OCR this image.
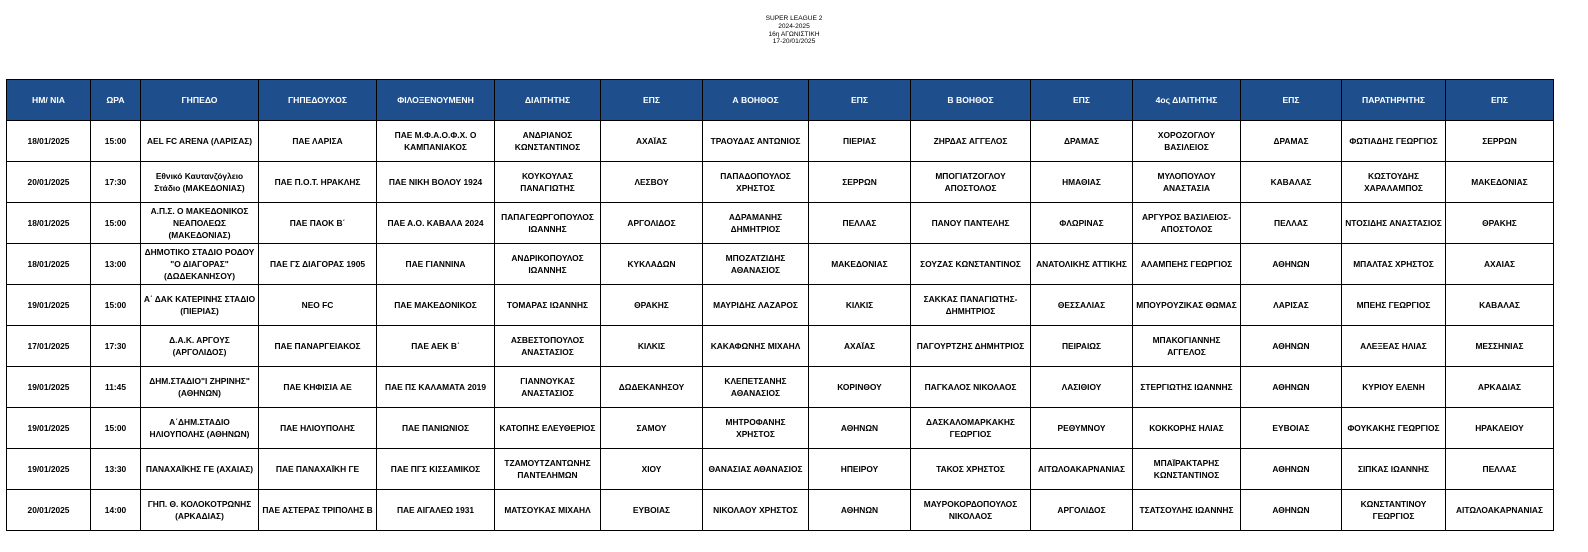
SUPER LEAGUE 2
2024-2025
16η ΑΓΩΝΙΣΤΙΚΗ
17-20/01/2025
ΗΜ/ ΝΙΑ	ΩΡΑ	ΓΗΠΕΔΟ	ΓΗΠΕΔΟΥΧΟΣ	ΦΙΛΟΞΕΝΟΥΜΕΝΗ	ΔΙΑΙΤΗΤΗΣ	ΕΠΣ	Α ΒΟΗΘΟΣ	ΕΠΣ	Β ΒΟΗΘΟΣ	ΕΠΣ	4ος ΔΙΑΙΤΗΤΗΣ	ΕΠΣ	ΠΑΡΑΤΗΡΗΤΗΣ	ΕΠΣ
18/01/2025	15:00	AEL FC ARENA (ΛΑΡΙΣΑΣ)	ΠΑΕ ΛΑΡΙΣΑ	ΠΑΕ Μ.Φ.Α.Ο.Φ.Χ. Ο ΚΑΜΠΑΝΙΑΚΟΣ	ΑΝΔΡΙΑΝΟΣ ΚΩΝΣΤΑΝΤΙΝΟΣ	ΑΧΑΪΑΣ	ΤΡΑΟΥΔΑΣ ΑΝΤΩΝΙΟΣ	ΠΙΕΡΙΑΣ	ΖΗΡΔΑΣ ΑΓΓΕΛΟΣ	ΔΡΑΜΑΣ	ΧΟΡΟΖΟΓΛΟΥ ΒΑΣΙΛΕΙΟΣ	ΔΡΑΜΑΣ	ΦΩΤΙΑΔΗΣ ΓΕΩΡΓΙΟΣ	ΣΕΡΡΩΝ
20/01/2025	17:30	Εθνικό Καυτανζόγλειο Στάδιο (ΜΑΚΕΔΟΝΙΑΣ)	ΠΑΕ Π.Ο.Τ. ΗΡΑΚΛΗΣ	ΠΑΕ ΝΙΚΗ ΒΟΛΟΥ 1924	ΚΟΥΚΟΥΛΑΣ ΠΑΝΑΓΙΩΤΗΣ	ΛΕΣΒΟΥ	ΠΑΠΑΔΟΠΟΥΛΟΣ ΧΡΗΣΤΟΣ	ΣΕΡΡΩΝ	ΜΠΟΓΙΑΤΖΟΓΛΟΥ ΑΠΟΣΤΟΛΟΣ	ΗΜΑΘΙΑΣ	ΜΥΛΟΠΟΥΛΟΥ ΑΝΑΣΤΑΣΙΑ	ΚΑΒΑΛΑΣ	ΚΩΣΤΟΥΔΗΣ ΧΑΡΑΛΑΜΠΟΣ	ΜΑΚΕΔΟΝΙΑΣ
18/01/2025	15:00	Α.Π.Σ. Ο ΜΑΚΕΔΟΝΙΚΟΣ ΝΕΑΠΟΛΕΩΣ (ΜΑΚΕΔΟΝΙΑΣ)	ΠΑΕ ΠΑΟΚ Β΄	ΠΑΕ Α.Ο. ΚΑΒΑΛΑ 2024	ΠΑΠΑΓΕΩΡΓΟΠΟΥΛΟΣ ΙΩΑΝΝΗΣ	ΑΡΓΟΛΙΔΟΣ	ΑΔΡΑΜΑΝΗΣ ΔΗΜΗΤΡΙΟΣ	ΠΕΛΛΑΣ	ΠΑΝΟΥ ΠΑΝΤΕΛΗΣ	ΦΛΩΡΙΝΑΣ	ΑΡΓΥΡΟΣ ΒΑΣΙΛΕΙΟΣ-ΑΠΟΣΤΟΛΟΣ	ΠΕΛΛΑΣ	ΝΤΟΣΙΔΗΣ ΑΝΑΣΤΑΣΙΟΣ	ΘΡΑΚΗΣ
18/01/2025	13:00	ΔΗΜΟΤΙΚΟ ΣΤΑΔΙΟ ΡΟΔΟΥ "Ο ΔΙΑΓΟΡΑΣ" (ΔΩΔΕΚΑΝΗΣΟΥ)	ΠΑΕ ΓΣ ΔΙΑΓΟΡΑΣ 1905	ΠΑΕ ΓΙΑΝΝΙΝΑ	ΑΝΔΡΙΚΟΠΟΥΛΟΣ ΙΩΑΝΝΗΣ	ΚΥΚΛΑΔΩΝ	ΜΠΟΖΑΤΖΙΔΗΣ ΑΘΑΝΑΣΙΟΣ	ΜΑΚΕΔΟΝΙΑΣ	ΣΟΥΖΑΣ ΚΩΝΣΤΑΝΤΙΝΟΣ	ΑΝΑΤΟΛΙΚΗΣ ΑΤΤΙΚΗΣ	ΑΛΑΜΠΕΗΣ ΓΕΩΡΓΙΟΣ	ΑΘΗΝΩΝ	ΜΠΑΛΤΑΣ ΧΡΗΣΤΟΣ	ΑΧΑΙΑΣ
19/01/2025	15:00	Α΄ ΔΑΚ ΚΑΤΕΡΙΝΗΣ ΣΤΑΔΙΟ (ΠΙΕΡΙΑΣ)	ΝΕΟ FC	ΠΑΕ ΜΑΚΕΔΟΝΙΚΟΣ	ΤΟΜΑΡΑΣ ΙΩΑΝΝΗΣ	ΘΡΑΚΗΣ	ΜΑΥΡΙΔΗΣ ΛΑΖΑΡΟΣ	ΚΙΛΚΙΣ	ΣΑΚΚΑΣ ΠΑΝΑΓΙΩΤΗΣ-ΔΗΜΗΤΡΙΟΣ	ΘΕΣΣΑΛΙΑΣ	ΜΠΟΥΡΟΥΖΙΚΑΣ ΘΩΜΑΣ	ΛΑΡΙΣΑΣ	ΜΠΕΗΣ ΓΕΩΡΓΙΟΣ	ΚΑΒΑΛΑΣ
17/01/2025	17:30	Δ.Α.Κ. ΑΡΓΟΥΣ (ΑΡΓΟΛΙΔΟΣ)	ΠΑΕ ΠΑΝΑΡΓΕΙΑΚΟΣ	ΠΑΕ ΑΕΚ Β΄	ΑΣΒΕΣΤΟΠΟΥΛΟΣ ΑΝΑΣΤΑΣΙΟΣ	ΚΙΛΚΙΣ	ΚΑΚΑΦΩΝΗΣ ΜΙΧΑΗΛ	ΑΧΑΪΑΣ	ΠΑΓΟΥΡΤΖΗΣ ΔΗΜΗΤΡΙΟΣ	ΠΕΙΡΑΙΩΣ	ΜΠΑΚΟΓΙΑΝΝΗΣ ΑΓΓΕΛΟΣ	ΑΘΗΝΩΝ	ΑΛΕΞΕΑΣ ΗΛΙΑΣ	ΜΕΣΣΗΝΙΑΣ
19/01/2025	11:45	ΔΗΜ.ΣΤΑΔΙΟ"Ι ΖΗΡΙΝΗΣ" (ΑΘΗΝΩΝ)	ΠΑΕ ΚΗΦΙΣΙΑ ΑΕ	ΠΑΕ ΠΣ ΚΑΛΑΜΑΤΑ 2019	ΓΙΑΝΝΟΥΚΑΣ ΑΝΑΣΤΑΣΙΟΣ	ΔΩΔΕΚΑΝΗΣΟΥ	ΚΛΕΠΕΤΣΑΝΗΣ ΑΘΑΝΑΣΙΟΣ	ΚΟΡΙΝΘΟΥ	ΠΑΓΚΑΛΟΣ ΝΙΚΟΛΑΟΣ	ΛΑΣΙΘΙΟΥ	ΣΤΕΡΓΙΩΤΗΣ ΙΩΑΝΝΗΣ	ΑΘΗΝΩΝ	ΚΥΡΙΟΥ ΕΛΕΝΗ	ΑΡΚΑΔΙΑΣ
19/01/2025	15:00	Α΄ΔΗΜ.ΣΤΑΔΙΟ ΗΛΙΟΥΠΟΛΗΣ (ΑΘΗΝΩΝ)	ΠΑΕ ΗΛΙΟΥΠΟΛΗΣ	ΠΑΕ ΠΑΝΙΩΝΙΟΣ	ΚΑΤΟΠΗΣ ΕΛΕΥΘΕΡΙΟΣ	ΣΑΜΟΥ	ΜΗΤΡΟΦΑΝΗΣ ΧΡΗΣΤΟΣ	ΑΘΗΝΩΝ	ΔΑΣΚΑΛΟΜΑΡΚΑΚΗΣ ΓΕΩΡΓΙΟΣ	ΡΕΘΥΜΝΟΥ	ΚΟΚΚΟΡΗΣ ΗΛΙΑΣ	ΕΥΒΟΙΑΣ	ΦΟΥΚΑΚΗΣ ΓΕΩΡΓΙΟΣ	ΗΡΑΚΛΕΙΟΥ
19/01/2025	13:30	ΠΑΝΑΧΑΪΚΗΣ ΓΕ (ΑΧΑΙΑΣ)	ΠΑΕ ΠΑΝΑΧΑΪΚΗ ΓΕ	ΠΑΕ ΠΓΣ ΚΙΣΣΑΜΙΚΟΣ	ΤΖΑΜΟΥΤΖΑΝΤΩΝΗΣ ΠΑΝΤΕΛΗΜΩΝ	ΧΙΟΥ	ΘΑΝΑΣΙΑΣ ΑΘΑΝΑΣΙΟΣ	ΗΠΕΙΡΟΥ	ΤΑΚΟΣ ΧΡΗΣΤΟΣ	ΑΙΤΩΛΟΑΚΑΡΝΑΝΙΑΣ	ΜΠΑΪΡΑΚΤΑΡΗΣ ΚΩΝΣΤΑΝΤΙΝΟΣ	ΑΘΗΝΩΝ	ΣΙΠΚΑΣ ΙΩΑΝΝΗΣ	ΠΕΛΛΑΣ
20/01/2025	14:00	ΓΗΠ. Θ. ΚΟΛΟΚΟΤΡΩΝΗΣ (ΑΡΚΑΔΙΑΣ)	ΠΑΕ ΑΣΤΕΡΑΣ ΤΡΙΠΟΛΗΣ Β	ΠΑΕ ΑΙΓΑΛΕΩ 1931	ΜΑΤΣΟΥΚΑΣ ΜΙΧΑΗΛ	ΕΥΒΟΙΑΣ	ΝΙΚΟΛΑΟΥ ΧΡΗΣΤΟΣ	ΑΘΗΝΩΝ	ΜΑΥΡΟΚΟΡΔΟΠΟΥΛΟΣ ΝΙΚΟΛΑΟΣ	ΑΡΓΟΛΙΔΟΣ	ΤΣΑΤΣΟΥΛΗΣ ΙΩΑΝΝΗΣ	ΑΘΗΝΩΝ	ΚΩΝΣΤΑΝΤΙΝΟΥ ΓΕΩΡΓΙΟΣ	ΑΙΤΩΛΟΑΚΑΡΝΑΝΙΑΣ
